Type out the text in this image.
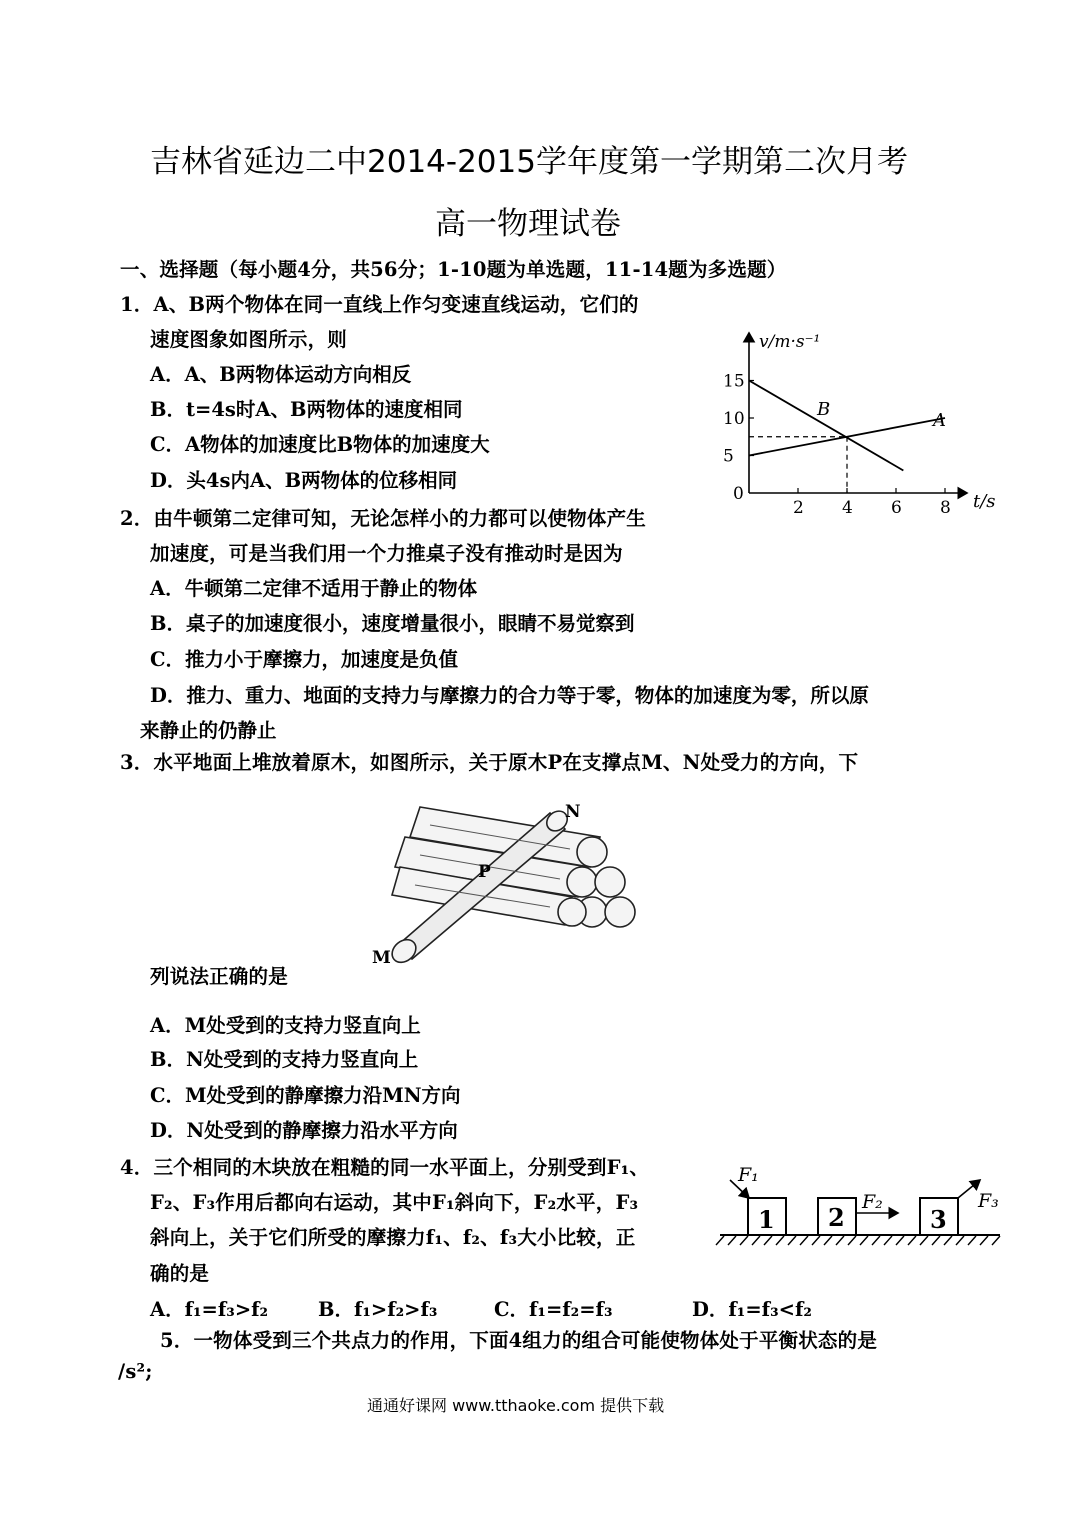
吉林省延边二中2014-2015学年度第一学期第二次月考
高一物理试卷
一、选择题（每小题4分，共56分；1-10题为单选题，11-14题为多选题）
1．A、B两个物体在同一直线上作匀变速直线运动，它们的
速度图象如图所示，则
A．A、B两物体运动方向相反
B．t=4s时A、B两物体的速度相同
C．A物体的加速度比B物体的加速度大
D．头4s内A、B两物体的位移相同
15
10
5
2 4 6 8
v/m·s⁻¹
t/s
0
B
A
2．由牛顿第二定律可知，无论怎样小的力都可以使物体产生
加速度，可是当我们用一个力推桌子没有推动时是因为
A．牛顿第二定律不适用于静止的物体
B．桌子的加速度很小，速度增量很小，眼睛不易觉察到
C．推力小于摩擦力，加速度是负值
D．推力、重力、地面的支持力与摩擦力的合力等于零，物体的加速度为零，所以原
来静止的仍静止
3．水平地面上堆放着原木，如图所示，关于原木P在支撑点M、N处受力的方向，下
N
P
M
列说法正确的是
A．M处受到的支持力竖直向上
B．N处受到的支持力竖直向上
C．M处受到的静摩擦力沿MN方向
D．N处受到的静摩擦力沿水平方向
4．三个相同的木块放在粗糙的同一水平面上，分别受到F₁、
F₂、F₃作用后都向右运动，其中F₁斜向下，F₂水平，F₃
斜向上，关于它们所受的摩擦力f₁、f₂、f₃大小比较，正
确的是
1 2	3
F₁
F₂	F₃
A．f₁=f₃>f₂	B．f₁>f₂>f₃	C．f₁=f₂=f₃	D．f₁=f₃<f₂
5．一物体受到三个共点力的作用，下面4组力的组合可能使物体处于平衡状态的是
/s²;
通通好课网 www.tthaoke.com 提供下载
